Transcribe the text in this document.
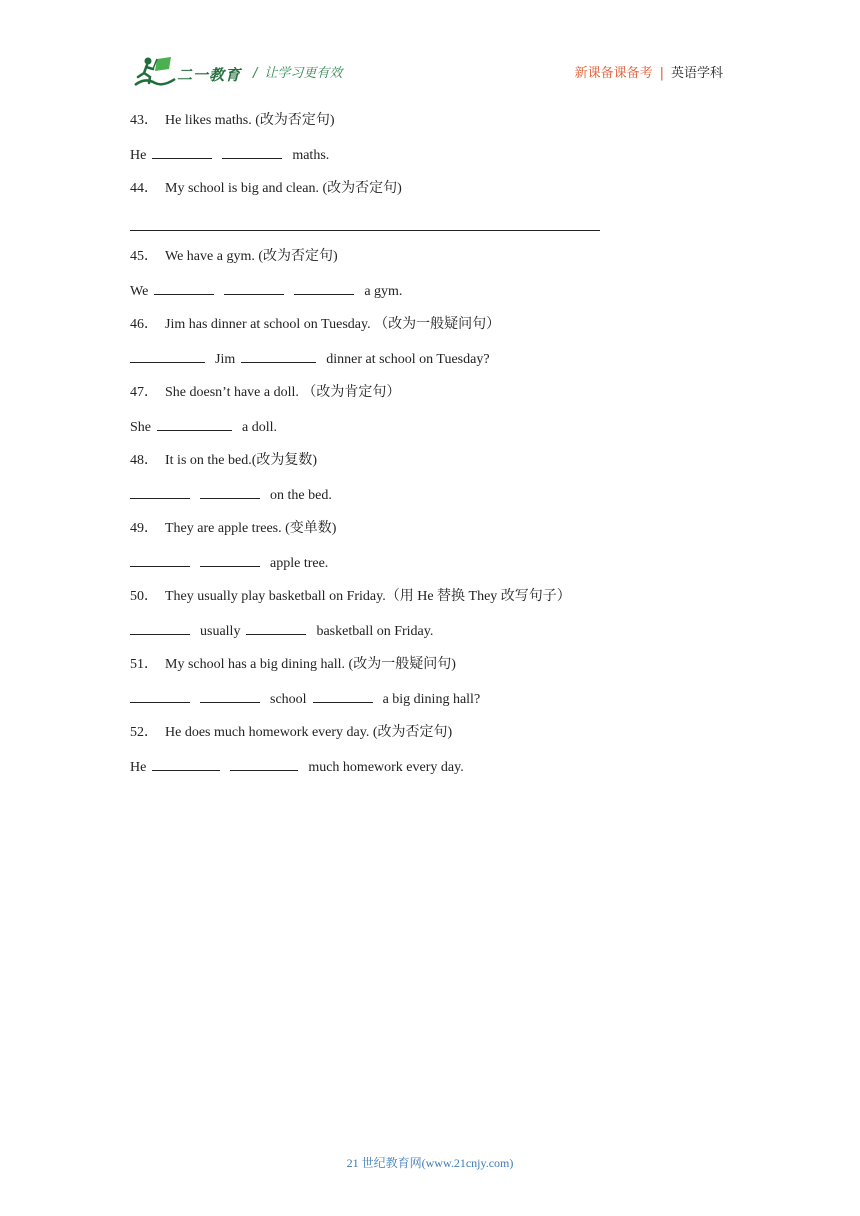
二一教育 / 让学习更有效	新课备课备考 | 英语学科
43． He likes maths. (改为否定句)
He	maths.
44． My school is big and clean. (改为否定句)
45． We have a gym. (改为否定句)
We	a gym.
46． Jim has dinner at school on Tuesday. （改为一般疑问句）
Jim	dinner at school on Tuesday?
47． She doesn’t have a doll. （改为肯定句）
She	a doll.
48． It is on the bed.(改为复数)
on the bed.
49． They are apple trees. (变单数)
apple tree.
50． They usually play basketball on Friday.（用 He 替换 They 改写句子）
usually	basketball on Friday.
51． My school has a big dining hall. (改为一般疑问句)
school	a big dining hall?
52． He does much homework every day. (改为否定句)
He	much homework every day.
21 世纪教育网(www.21cnjy.com)
